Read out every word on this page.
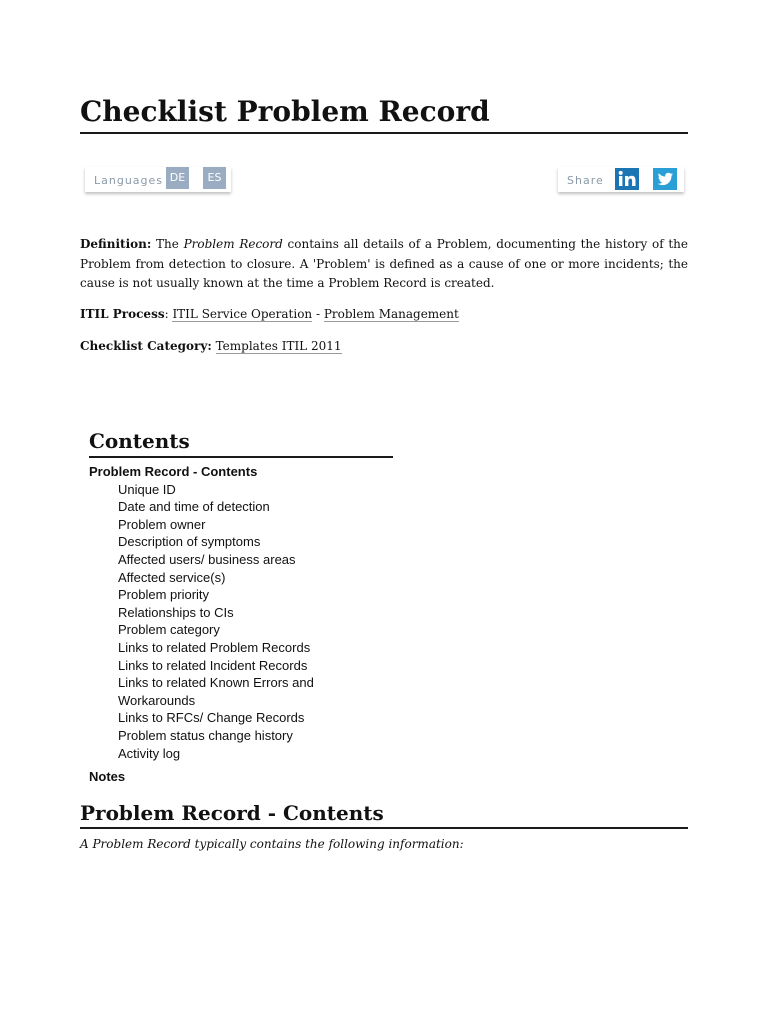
Checklist Problem Record
Languages DE	ES	Share

Definition: The Problem Record contains all details of a Problem, documenting the history of the Problem from detection to closure. A 'Problem' is defined as a cause of one or more incidents; the cause is not usually known at the time a Problem Record is created.

ITIL Process: ITIL Service Operation - Problem Management

Checklist Category: Templates ITIL 2011

Contents
Problem Record - Contents
Unique ID
Date and time of detection
Problem owner
Description of symptoms
Affected users/ business areas
Affected service(s)
Problem priority
Relationships to CIs
Problem category
Links to related Problem Records
Links to related Incident Records
Links to related Known Errors and Workarounds
Links to RFCs/ Change Records
Problem status change history
Activity log
Notes
Problem Record - Contents

A Problem Record typically contains the following information:
